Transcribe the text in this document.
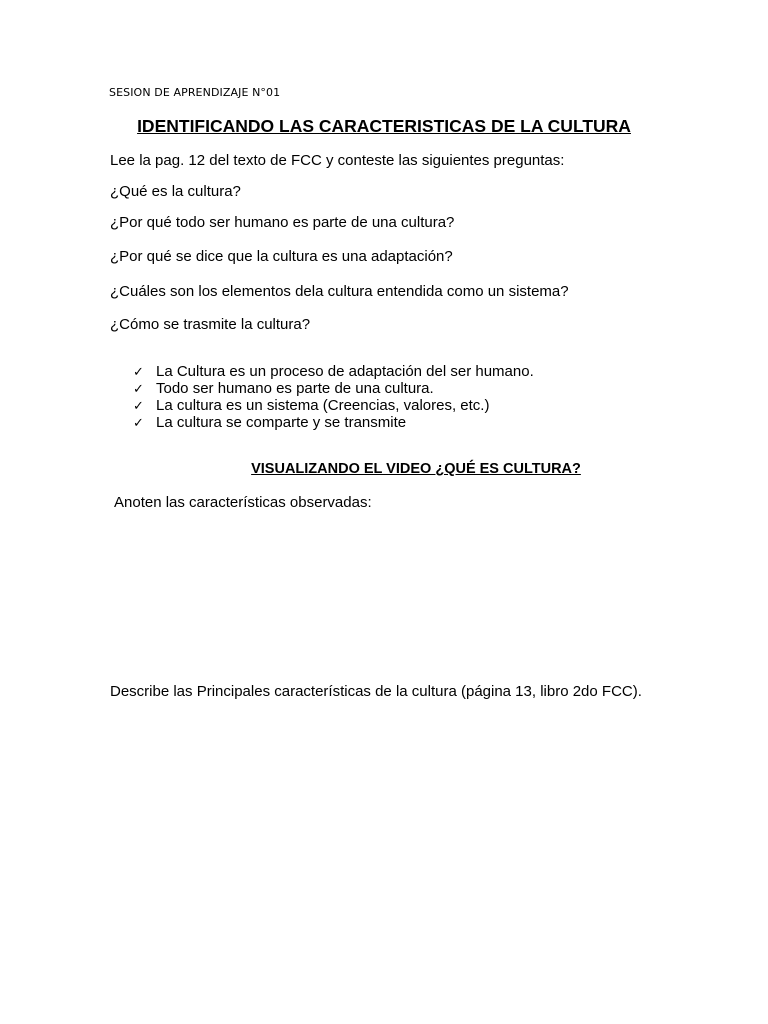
SESION DE APRENDIZAJE N°01

IDENTIFICANDO LAS CARACTERISTICAS DE LA CULTURA

Lee la pag. 12 del texto de FCC y conteste las siguientes preguntas:

¿Qué es la cultura?

¿Por qué todo ser humano es parte de una cultura?

¿Por qué se dice que la cultura es una adaptación?

¿Cuáles son los elementos dela cultura entendida como un sistema?

¿Cómo se trasmite la cultura?

✓ La Cultura es un proceso de adaptación del ser humano.
✓ Todo ser humano es parte de una cultura.
✓ La cultura es un sistema (Creencias, valores, etc.)
✓ La cultura se comparte y se transmite
VISUALIZANDO EL VIDEO ¿QUÉ ES CULTURA?

Anoten las características observadas:

Describe las Principales características de la cultura (página 13, libro 2do FCC).
